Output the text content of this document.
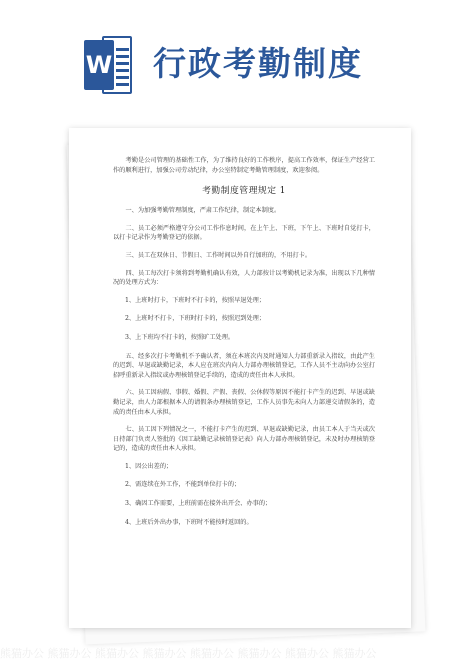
W 行政考勤制度

考勤是公司管理的基础性工作，为了维持良好的工作秩序，提高工作效率，保证生产经营工作的顺利进行，加强公司劳动纪律，办公室特制定考勤管理制度，欢迎参阅。

考勤制度管理规定 1

一、为加强考勤管理制度，严肃工作纪律，制定本制度。

二、员工必须严格遵守分公司工作作息时间，在上午上、下班，下午上、下班时自觉打卡，以打卡记录作为考勤登记的依据。

三、员工在双休日、节假日、工作时间以外自行加班的，不用打卡。

四、员工每次打卡须将到考勤机确认有效，人力部按计以考勤机记录为准，出现以下几种情况的处理方式为：

1、上班时打卡，下班时不打卡的，按照早退处理；

2、上班时不打卡，下班时打卡的，按照迟到处理；

3、上下班均不打卡的，按照旷工处理。

五、经多次打卡考勤机不予确认者，须在本班次内及时通知人力部重新录入指纹，由此产生的迟到、早退或缺勤记录，本人应在班次内向人力部办理核销登记，工作人员不主动向办公室打招呼重新录入指纹或办理核销登记手续的，造成的责任由本人承担。

六、员工因病假、事假、婚假、产假、丧假、公休假等原因不能打卡产生的迟到、早退或缺勤记录，由人力部根据本人的请假条办理核销登记，工作人员事先未向人力部递交请假条的，造成的责任由本人承担。

七、员工因下列情况之一，不能打卡产生的迟到、早退或缺勤记录，由员工本人于当天或次日持部门负责人签批的《因工缺勤记录核销登记表》向人力部办理核销登记，未及时办理核销登记的，造成的责任由本人承担。

1、因公出差的；

2、需连续在外工作，不能到单位打卡的；

3、确因工作需要，上班前需在接外出开会、办事的；

4、上班后外出办事，下班时不能按时返回的。

熊猫办公 熊猫办公 熊猫办公 熊猫办公 熊猫办公 熊猫办公 熊猫办公 熊猫办公
